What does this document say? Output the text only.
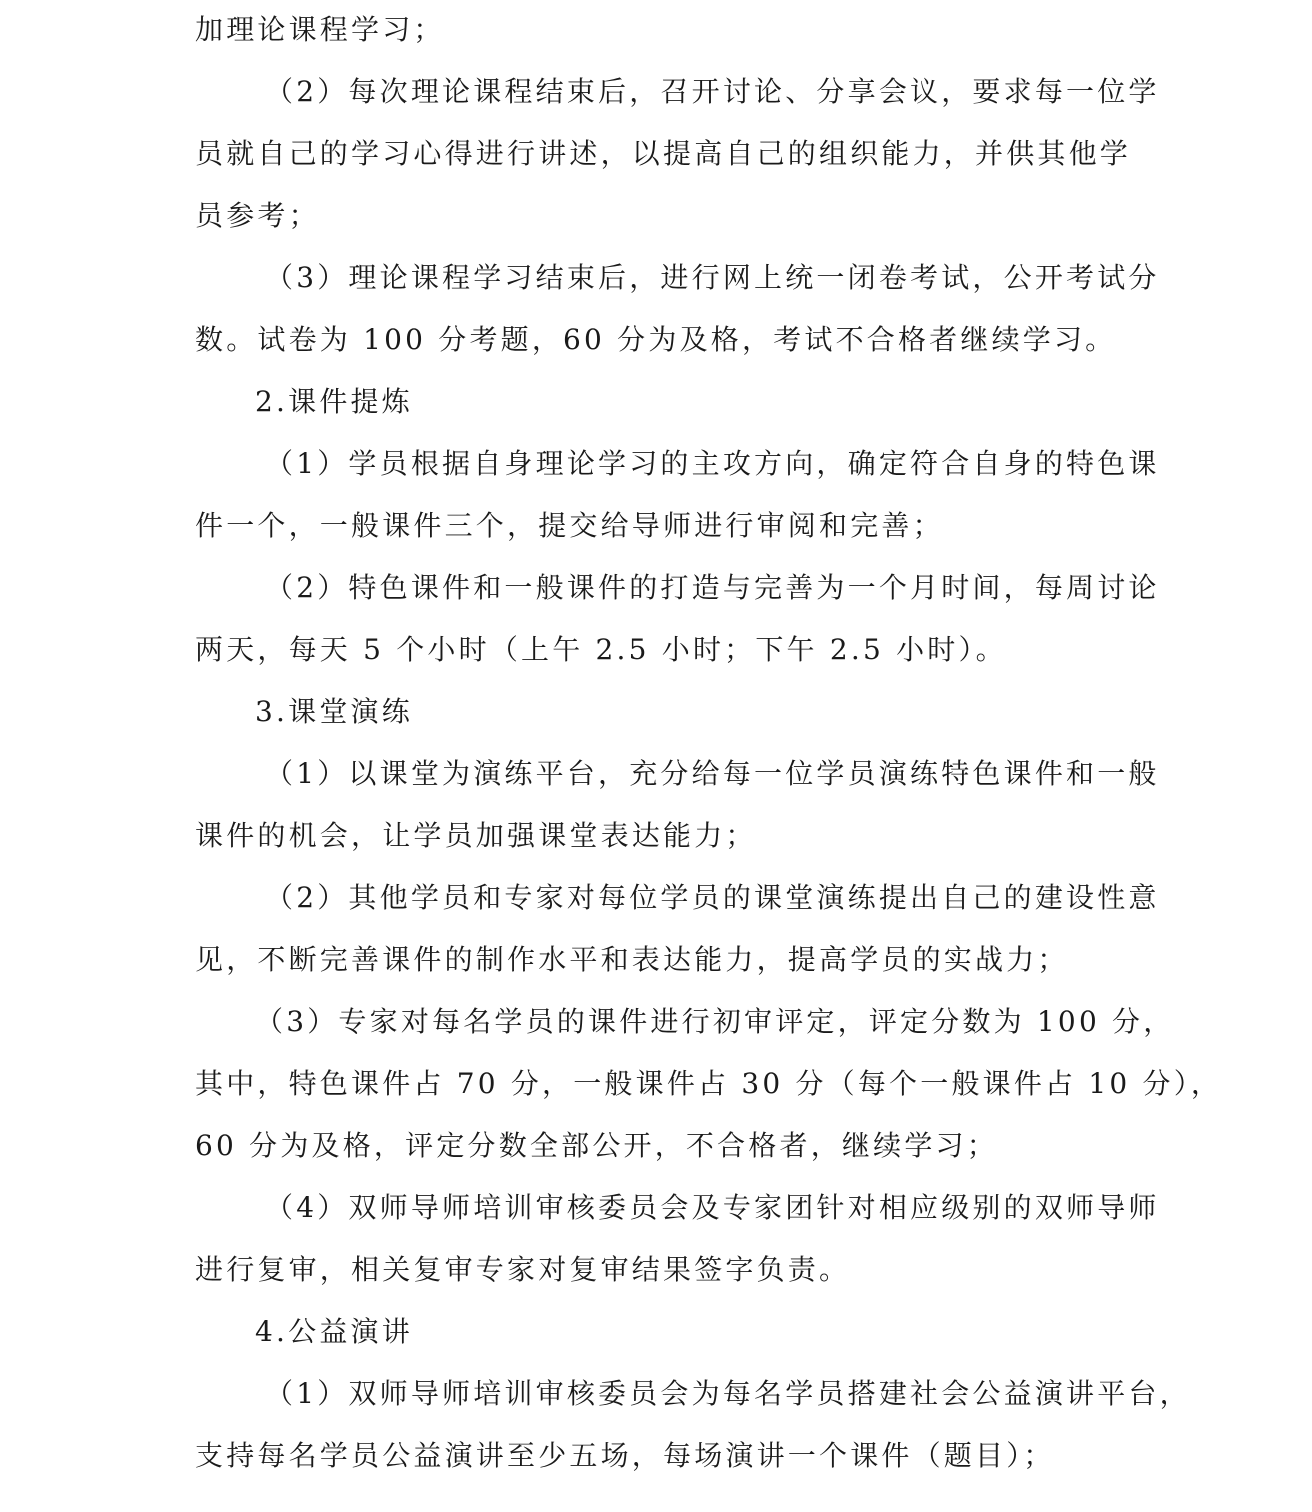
加理论课程学习；
（2）每次理论课程结束后，召开讨论、分享会议，要求每一位学
员就自己的学习心得进行讲述，以提高自己的组织能力，并供其他学
员参考；
（3）理论课程学习结束后，进行网上统一闭卷考试，公开考试分
数。试卷为 100 分考题，60 分为及格，考试不合格者继续学习。
2.课件提炼
（1）学员根据自身理论学习的主攻方向，确定符合自身的特色课
件一个，一般课件三个，提交给导师进行审阅和完善；
（2）特色课件和一般课件的打造与完善为一个月时间，每周讨论
两天，每天 5 个小时（上午 2.5 小时；下午 2.5 小时）。
3.课堂演练
（1）以课堂为演练平台，充分给每一位学员演练特色课件和一般
课件的机会，让学员加强课堂表达能力；
（2）其他学员和专家对每位学员的课堂演练提出自己的建设性意
见，不断完善课件的制作水平和表达能力，提高学员的实战力；
（3）专家对每名学员的课件进行初审评定，评定分数为 100 分，
其中，特色课件占 70 分，一般课件占 30 分（每个一般课件占 10 分），
60 分为及格，评定分数全部公开，不合格者，继续学习；
（4）双师导师培训审核委员会及专家团针对相应级别的双师导师
进行复审，相关复审专家对复审结果签字负责。
4.公益演讲
（1）双师导师培训审核委员会为每名学员搭建社会公益演讲平台，
支持每名学员公益演讲至少五场，每场演讲一个课件（题目）；
